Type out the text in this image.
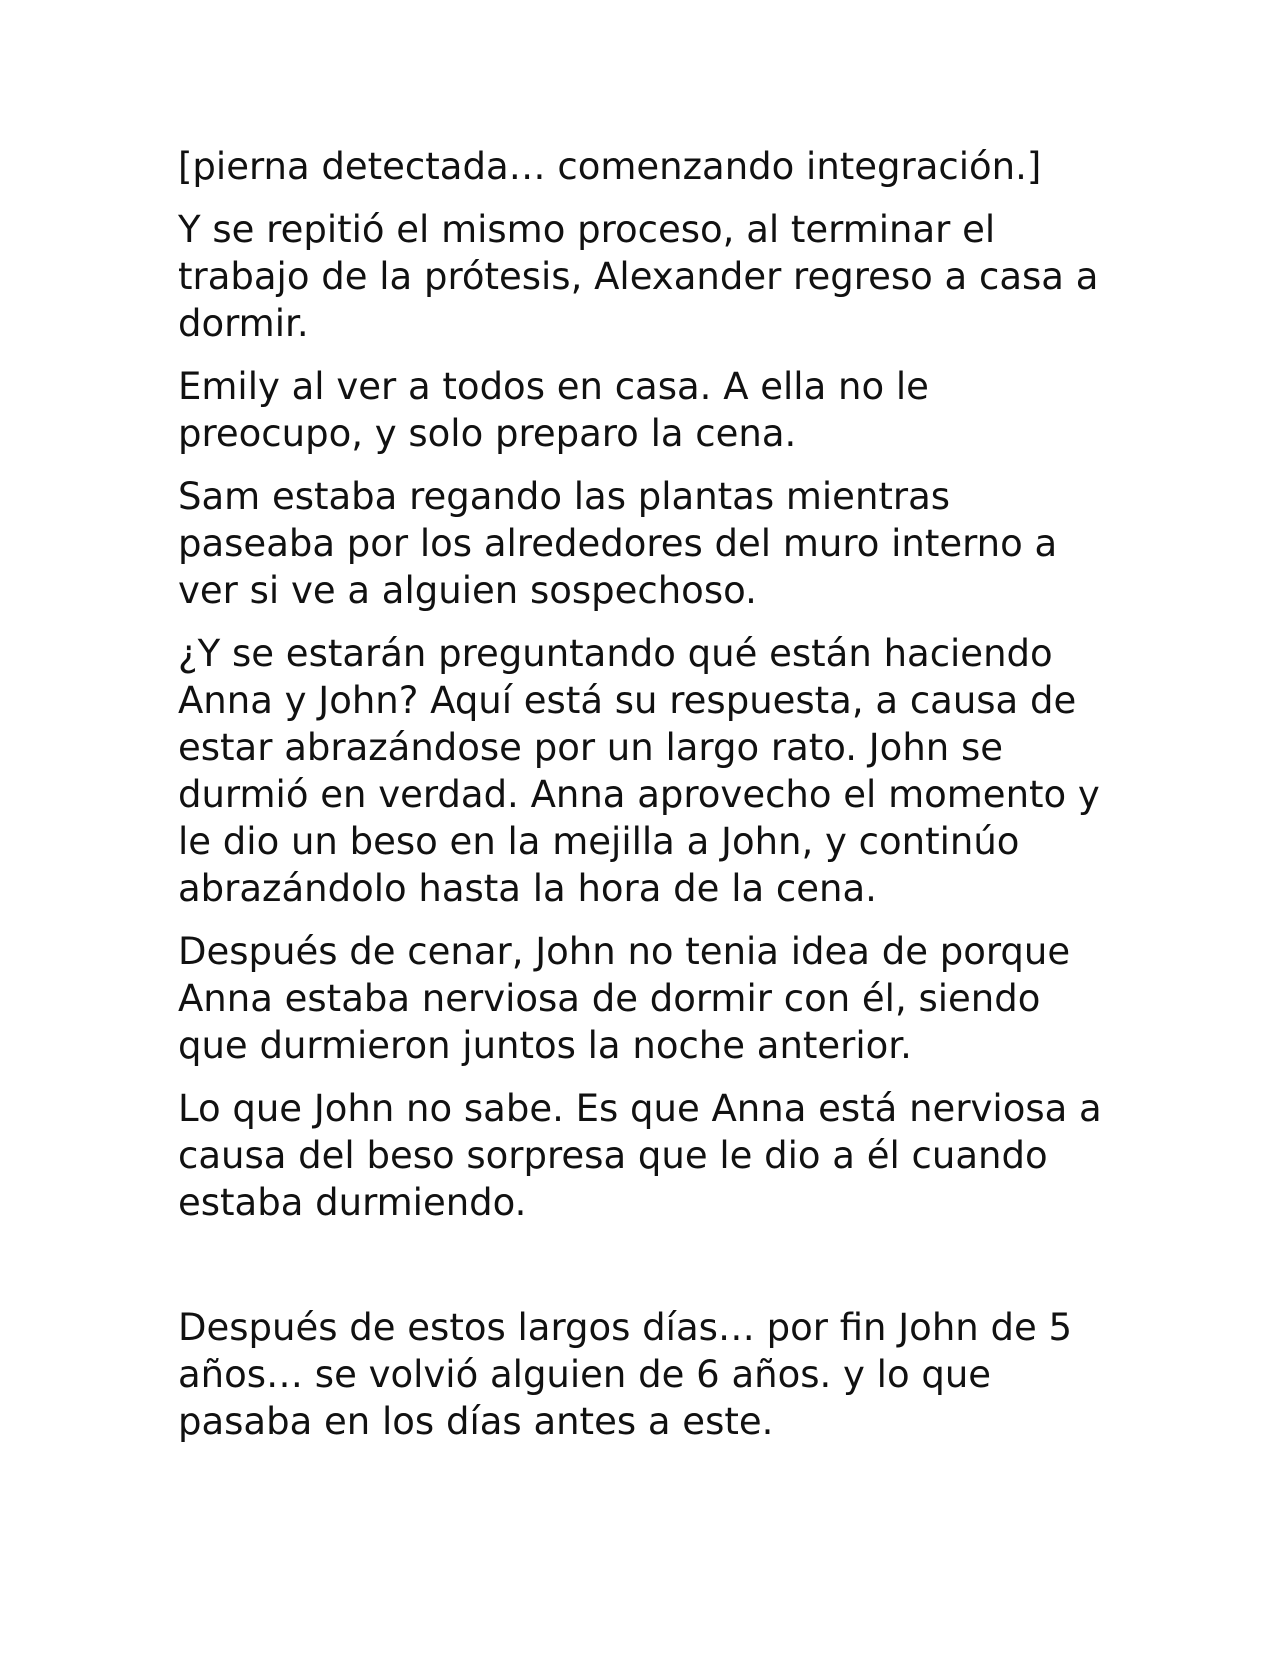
[pierna detectada… comenzando integración.]

Y se repitió el mismo proceso, al terminar el trabajo de la prótesis, Alexander regreso a casa a dormir.

Emily al ver a todos en casa. A ella no le preocupo, y solo preparo la cena.

Sam estaba regando las plantas mientras paseaba por los alrededores del muro interno a ver si ve a alguien sospechoso.

¿Y se estarán preguntando qué están haciendo Anna y John? Aquí está su respuesta, a causa de estar abrazándose por un largo rato. John se durmió en verdad. Anna aprovecho el momento y le dio un beso en la mejilla a John, y continúo abrazándolo hasta la hora de la cena.

Después de cenar, John no tenia idea de porque Anna estaba nerviosa de dormir con él, siendo que durmieron juntos la noche anterior.

Lo que John no sabe. Es que Anna está nerviosa a causa del beso sorpresa que le dio a él cuando estaba durmiendo.

Después de estos largos días… por fin John de 5 años… se volvió alguien de 6 años. y lo que pasaba en los días antes a este.
